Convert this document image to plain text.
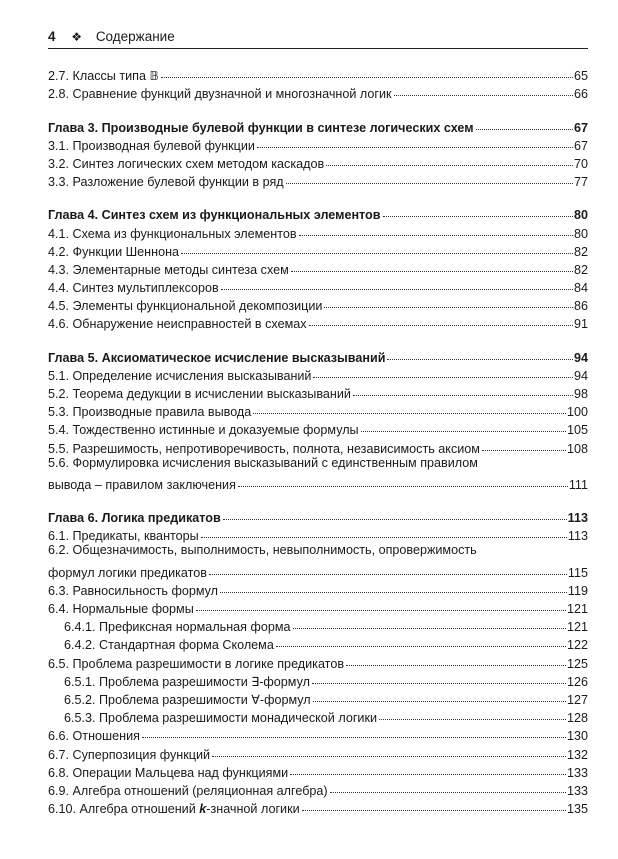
4 ❖ Содержание
2.7. Классы типа 𝔹	65
2.8. Сравнение функций двузначной и многозначной логик	66
Глава 3. Производные булевой функции в синтезе логических схем	67
3.1. Производная булевой функции	67
3.2. Синтез логических схем методом каскадов	70
3.3. Разложение булевой функции в ряд	77
Глава 4. Синтез схем из функциональных элементов	80
4.1. Схема из функциональных элементов	80
4.2. Функции Шеннона	82
4.3. Элементарные методы синтеза схем	82
4.4. Синтез мультиплексоров	84
4.5. Элементы функциональной декомпозиции	86
4.6. Обнаружение неисправностей в схемах	91
Глава 5. Аксиоматическое исчисление высказываний	94
5.1. Определение исчисления высказываний	94
5.2. Теорема дедукции в исчислении высказываний	98
5.3. Производные правила вывода	100
5.4. Тождественно истинные и доказуемые формулы	105
5.5. Разрешимость, непротиворечивость, полнота, независимость аксиом	108
5.6. Формулировка исчисления высказываний с единственным правилом
вывода – правилом заключения	111
Глава 6. Логика предикатов	113
6.1. Предикаты, кванторы	113
6.2. Общезначимость, выполнимость, невыполнимость, опровержимость
формул логики предикатов	115
6.3. Равносильность формул	119
6.4. Нормальные формы	121
6.4.1. Префиксная нормальная форма	121
6.4.2. Стандартная форма Сколема	122
6.5. Проблема разрешимости в логике предикатов	125
6.5.1. Проблема разрешимости ∃-формул	126
6.5.2. Проблема разрешимости ∀-формул	127
6.5.3. Проблема разрешимости монадической логики	128
6.6. Отношения	130
6.7. Суперпозиция функций	132
6.8. Операции Мальцева над функциями	133
6.9. Алгебра отношений (реляционная алгебра)	133
6.10. Алгебра отношений k-значной логики	135
